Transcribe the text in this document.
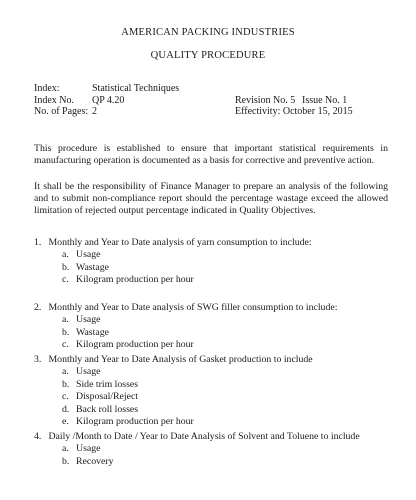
AMERICAN PACKING INDUSTRIES
QUALITY PROCEDURE
Index:	Statistical Techniques
Index No. QP 4.20	Revision No. 5 Issue No. 1
No. of Pages: 2	Effectivity: October 15, 2015
This procedure is established to ensure that important statistical requirements in manufacturing operation is documented as a basis for corrective and preventive action.
It shall be the responsibility of Finance Manager to prepare an analysis of the following and to submit non-compliance report should the percentage wastage exceed the allowed limitation of rejected output percentage indicated in Quality Objectives.
1. Monthly and Year to Date analysis of yarn consumption to include:
a. Usage
b. Wastage
c. Kilogram production per hour
2. Monthly and Year to Date analysis of SWG filler consumption to include:
a. Usage
b. Wastage
c. Kilogram production per hour
3. Monthly and Year to Date Analysis of Gasket production to include
a. Usage
b. Side trim losses
c. Disposal/Reject
d. Back roll losses
e. Kilogram production per hour
4. Daily /Month to Date / Year to Date Analysis of Solvent and Toluene to include
a. Usage
b. Recovery
